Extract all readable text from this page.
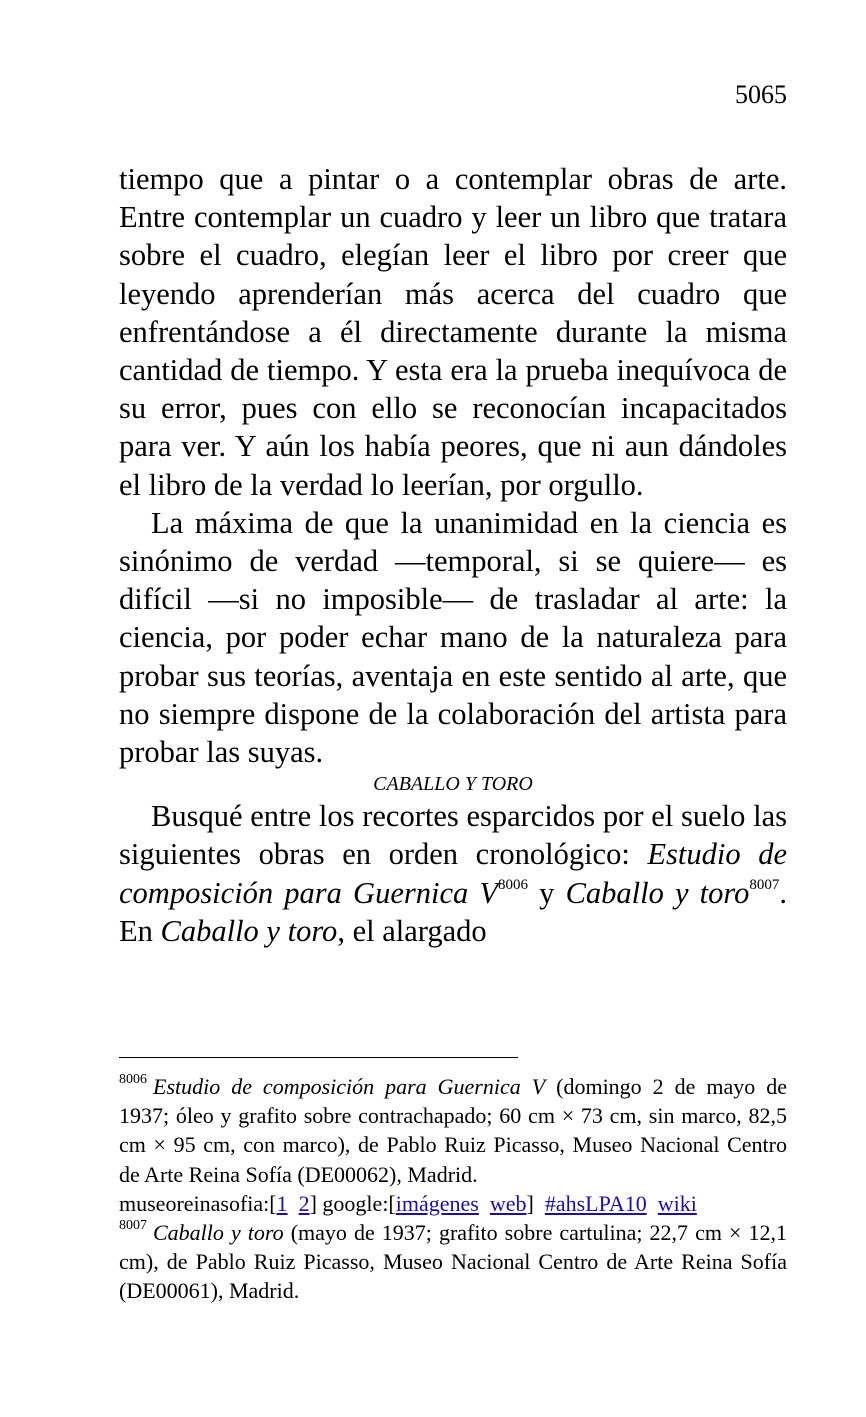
5065

tiempo que a pintar o a contemplar obras de arte. Entre contemplar un cuadro y leer un libro que tratara sobre el cuadro, elegían leer el libro por creer que leyendo aprenderían más acerca del cuadro que enfrentándose a él directamente durante la misma cantidad de tiempo. Y esta era la prueba inequívoca de su error, pues con ello se reconocían incapacitados para ver. Y aún los había peores, que ni aun dándoles el libro de la verdad lo leerían, por orgullo.

La máxima de que la unanimidad en la ciencia es sinónimo de verdad —temporal, si se quiere— es difícil —si no imposible— de trasladar al arte: la ciencia, por poder echar mano de la naturaleza para probar sus teorías, aventaja en este sentido al arte, que no siempre dispone de la colaboración del artista para probar las suyas.

CABALLO Y TORO

Busqué entre los recortes esparcidos por el suelo las siguientes obras en orden cronológico: Estudio de composición para Guernica V$^{8006}$ y Caballo y toro$^{8007}$. En Caballo y toro, el alargado

$^{8006}$ Estudio de composición para Guernica V (domingo 2 de mayo de 1937; óleo y grafito sobre contrachapado; 60 cm × 73 cm, sin marco, 82,5 cm × 95 cm, con marco), de Pablo Ruiz Picasso, Museo Nacional Centro de Arte Reina Sofía (DE00062), Madrid.

museoreinasofia:[1 2] google:[imágenes web] #ahsLPA10 wiki

$^{8007}$ Caballo y toro (mayo de 1937; grafito sobre cartulina; 22,7 cm × 12,1 cm), de Pablo Ruiz Picasso, Museo Nacional Centro de Arte Reina Sofía (DE00061), Madrid.
